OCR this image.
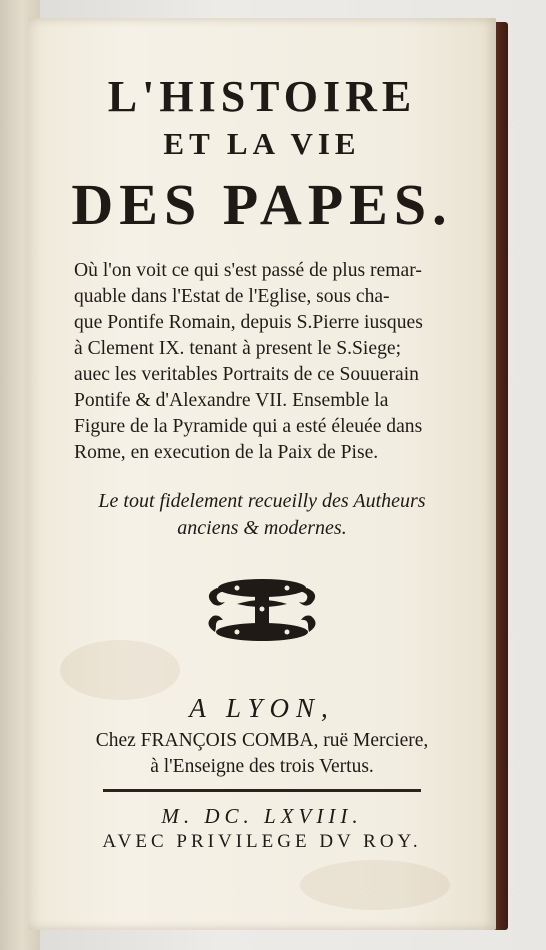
L'HISTOIRE
ET LA VIE
DES PAPES.
Où l'on voit ce qui s'est passé de plus remar-
quable dans l'Estat de l'Eglise, sous cha-
que Pontife Romain, depuis S.Pierre iusques
à Clement IX. tenant à present le S.Siege;
auec les veritables Portraits de ce Souuerain
Pontife & d'Alexandre VII. Ensemble la
Figure de la Pyramide qui a esté éleuée dans
Rome, en execution de la Paix de Pise.
Le tout fidelement recueilly des Autheurs
anciens & modernes.
A LYON,
Chez FRANÇOIS COMBA, ruë Merciere,
à l'Enseigne des trois Vertus.
M. DC. LXVIII.
AVEC PRIVILEGE DV ROY.
